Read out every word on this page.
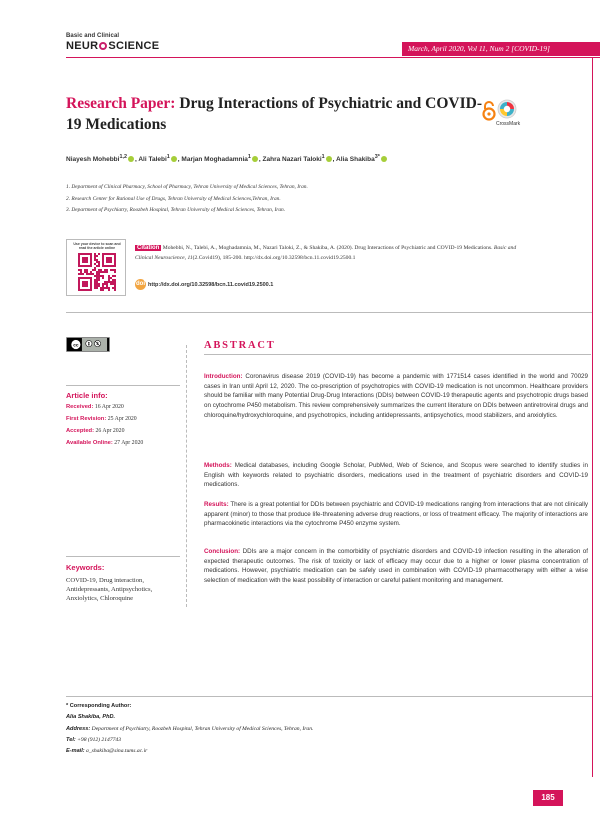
Basic and Clinical
NEUR SCIENCE	March, April 2020, Vol 11, Num 2 [COVID-19]
Research Paper: Drug Interactions of Psychiatric and COVID-19 Medications	CrossMark
Niayesh Mohebbi$^{1,2}$ , Ali Talebi$^1$ , Marjan Moghadamnia$^1$ , Zahra Nazari Taloki$^1$ , Alia Shakiba$^{3*}$
1. Department of Clinical Pharmacy, School of Pharmacy, Tehran University of Medical Sciences, Tehran, Iran.
2. Research Center for Rational Use of Drugs, Tehran University of Medical Sciences,Tehran, Iran.
3. Department of Psychiatry, Roozbeh Hospital, Tehran University of Medical Sciences, Tehran, Iran.
Use your device to scan and read the article online	Citation Mohebbi, N., Talebi, A., Moghadamnia, M., Nazari Taloki, Z., & Shakiba, A. (2020). Drug Interactions of Psychiatric and COVID-19 Medications. Basic and Clinical Neuroscience, 11(2.Covid19), 185-200. http://dx.doi.org/10.32598/bcn.11.covid19.2500.1
doi http://dx.doi.org/10.32598/bcn.11.covid19.2500.1
cc
Article info:
Received: 16 Apr 2020
First Revision: 25 Apr 2020
Accepted: 26 Apr 2020
Available Online: 27 Apr 2020
Keywords:
COVID-19, Drug interaction, Antidepressants, Antipsychotics, Anxiolytics, Chloroquine
ABSTRACT
Introduction: Coronavirus disease 2019 (COVID-19) has become a pandemic with 1771514 cases identified in the world and 70029 cases in Iran until April 12, 2020. The co-prescription of psychotropics with COVID-19 medication is not uncommon. Healthcare providers should be familiar with many Potential Drug-Drug Interactions (DDIs) between COVID-19 therapeutic agents and psychotropic drugs based on cytochrome P450 metabolism. This review comprehensively summarizes the current literature on DDIs between antiretroviral drugs and chloroquine/hydroxychloroquine, and psychotropics, including antidepressants, antipsychotics, mood stabilizers, and anxiolytics.
Methods: Medical databases, including Google Scholar, PubMed, Web of Science, and Scopus were searched to identify studies in English with keywords related to psychiatric disorders, medications used in the treatment of psychiatric disorders and COVID-19 medications.
Results: There is a great potential for DDIs between psychiatric and COVID-19 medications ranging from interactions that are not clinically apparent (minor) to those that produce life-threatening adverse drug reactions, or loss of treatment efficacy. The majority of interactions are pharmacokinetic interactions via the cytochrome P450 enzyme system.
Conclusion: DDIs are a major concern in the comorbidity of psychiatric disorders and COVID-19 infection resulting in the alteration of expected therapeutic outcomes. The risk of toxicity or lack of efficacy may occur due to a higher or lower plasma concentration of medications. However, psychiatric medication can be safely used in combination with COVID-19 pharmacotherapy with either a wise selection of medication with the least possibility of interaction or careful patient monitoring and management.
* Corresponding Author:
Alia Shakiba, PhD.
Address: Department of Psychiatry, Roozbeh Hospital, Tehran University of Medical Sciences, Tehran, Iran.
Tel: +98 (912) 2147743
E-mail: a_shakiba@sina.tums.ac.ir
185
